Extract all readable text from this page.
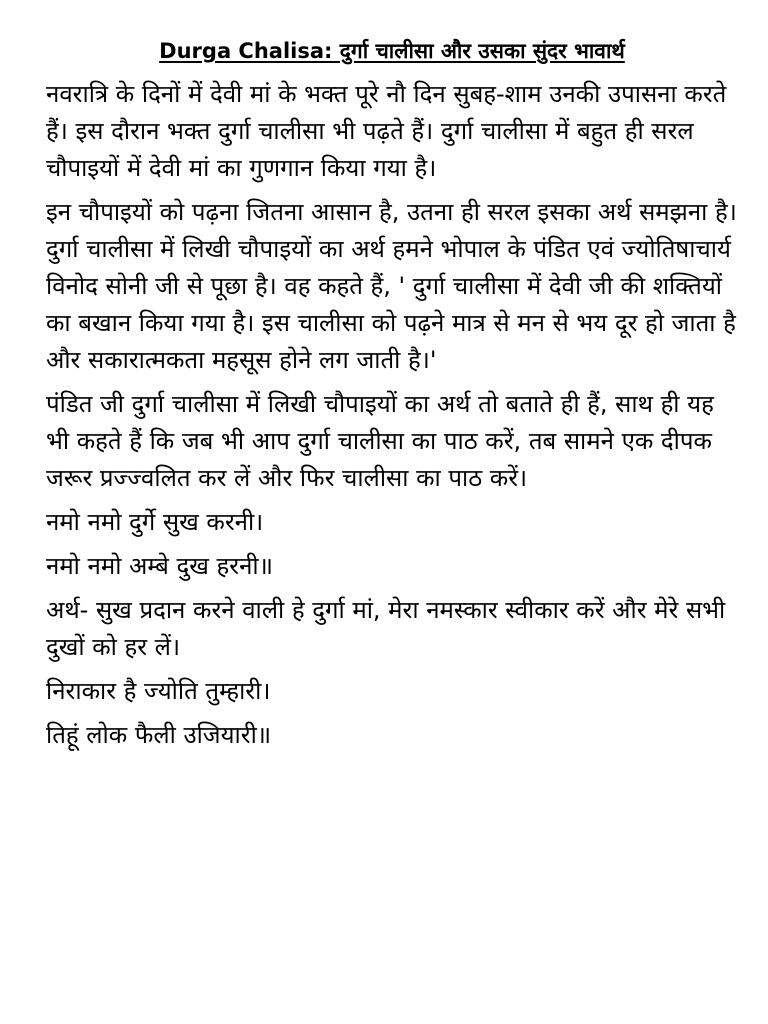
Durga Chalisa: दुर्गा चालीसा और उसका सुंदर भावार्थ

नवरात्रि के दिनों में देवी मां के भक्त पूरे नौ दिन सुबह-शाम उनकी उपासना करते हैं। इस दौरान भक्त दुर्गा चालीसा भी पढ़ते हैं। दुर्गा चालीसा में बहुत ही सरल चौपाइयों में देवी मां का गुणगान किया गया है।

इन चौपाइयों को पढ़ना जितना आसान है, उतना ही सरल इसका अर्थ समझना है। दुर्गा चालीसा में लिखी चौपाइयों का अर्थ हमने भोपाल के पंडित एवं ज्योतिषाचार्य विनोद सोनी जी से पूछा है। वह कहते हैं, ' दुर्गा चालीसा में देवी जी की शक्तियों का बखान किया गया है। इस चालीसा को पढ़ने मात्र से मन से भय दूर हो जाता है और सकारात्मकता महसूस होने लग जाती है।'

पंडित जी दुर्गा चालीसा में लिखी चौपाइयों का अर्थ तो बताते ही हैं, साथ ही यह भी कहते हैं कि जब भी आप दुर्गा चालीसा का पाठ करें, तब सामने एक दीपक जरूर प्रज्ज्वलित कर लें और फिर चालीसा का पाठ करें।

नमो नमो दुर्गे सुख करनी।

नमो नमो अम्बे दुख हरनी॥

अर्थ- सुख प्रदान करने वाली हे दुर्गा मां, मेरा नमस्कार स्वीकार करें और मेरे सभी दुखों को हर लें।

निराकार है ज्योति तुम्हारी।

तिहूं लोक फैली उजियारी॥
